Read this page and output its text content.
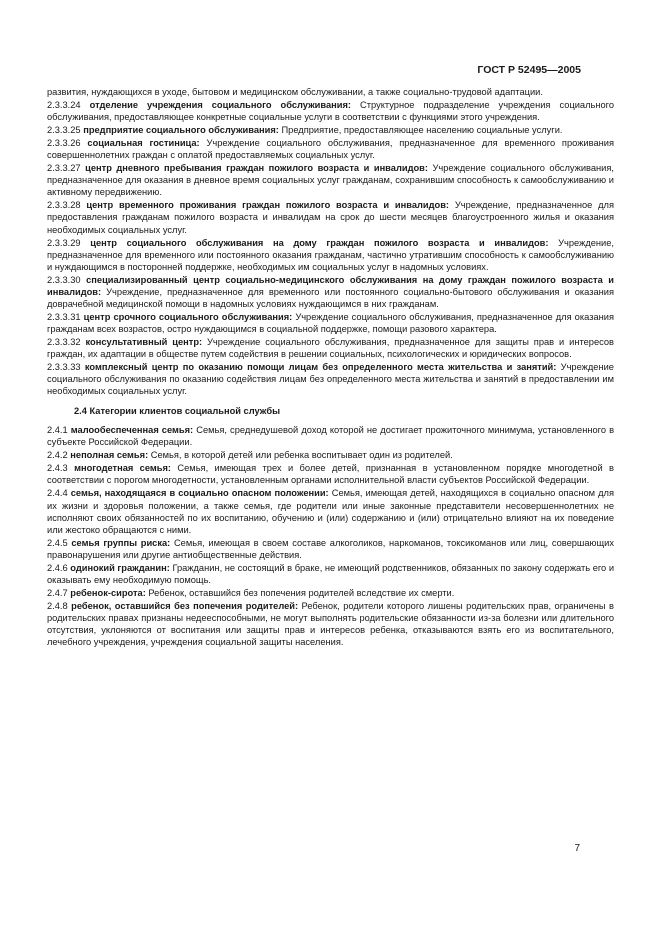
ГОСТ Р 52495—2005

развития, нуждающихся в уходе, бытовом и медицинском обслуживании, а также социально-трудовой адаптации.

2.3.3.24 отделение учреждения социального обслуживания: Структурное подразделение учреждения социального обслуживания, предоставляющее конкретные социальные услуги в соответствии с функциями этого учреждения.

2.3.3.25 предприятие социального обслуживания: Предприятие, предоставляющее населению социальные услуги.

2.3.3.26 социальная гостиница: Учреждение социального обслуживания, предназначенное для временного проживания совершеннолетних граждан с оплатой предоставляемых социальных услуг.

2.3.3.27 центр дневного пребывания граждан пожилого возраста и инвалидов: Учреждение социального обслуживания, предназначенное для оказания в дневное время социальных услуг гражданам, сохранившим способность к самообслуживанию и активному передвижению.

2.3.3.28 центр временного проживания граждан пожилого возраста и инвалидов: Учреждение, предназначенное для предоставления гражданам пожилого возраста и инвалидам на срок до шести месяцев благоустроенного жилья и оказания необходимых социальных услуг.

2.3.3.29 центр социального обслуживания на дому граждан пожилого возраста и инвалидов: Учреждение, предназначенное для временного или постоянного оказания гражданам, частично утратившим способность к самообслуживанию и нуждающимся в посторонней поддержке, необходимых им социальных услуг в надомных условиях.

2.3.3.30 специализированный центр социально-медицинского обслуживания на дому граждан пожилого возраста и инвалидов: Учреждение, предназначенное для временного или постоянного социально-бытового обслуживания и оказания доврачебной медицинской помощи в надомных условиях нуждающимся в них гражданам.

2.3.3.31 центр срочного социального обслуживания: Учреждение социального обслуживания, предназначенное для оказания гражданам всех возрастов, остро нуждающимся в социальной поддержке, помощи разового характера.

2.3.3.32 консультативный центр: Учреждение социального обслуживания, предназначенное для защиты прав и интересов граждан, их адаптации в обществе путем содействия в решении социальных, психологических и юридических вопросов.

2.3.3.33 комплексный центр по оказанию помощи лицам без определенного места жительства и занятий: Учреждение социального обслуживания по оказанию содействия лицам без определенного места жительства и занятий в предоставлении им необходимых социальных услуг.

2.4 Категории клиентов социальной службы

2.4.1 малообеспеченная семья: Семья, среднедушевой доход которой не достигает прожиточного минимума, установленного в субъекте Российской Федерации.

2.4.2 неполная семья: Семья, в которой детей или ребенка воспитывает один из родителей.

2.4.3 многодетная семья: Семья, имеющая трех и более детей, признанная в установленном порядке многодетной в соответствии с порогом многодетности, установленным органами исполнительной власти субъектов Российской Федерации.

2.4.4 семья, находящаяся в социально опасном положении: Семья, имеющая детей, находящихся в социально опасном для их жизни и здоровья положении, а также семья, где родители или иные законные представители несовершеннолетних не исполняют своих обязанностей по их воспитанию, обучению и (или) содержанию и (или) отрицательно влияют на их поведение или жестоко обращаются с ними.

2.4.5 семья группы риска: Семья, имеющая в своем составе алкоголиков, наркоманов, токсикоманов или лиц, совершающих правонарушения или другие антиобщественные действия.

2.4.6 одинокий гражданин: Гражданин, не состоящий в браке, не имеющий родственников, обязанных по закону содержать его и оказывать ему необходимую помощь.

2.4.7 ребенок-сирота: Ребенок, оставшийся без попечения родителей вследствие их смерти.

2.4.8 ребенок, оставшийся без попечения родителей: Ребенок, родители которого лишены родительских прав, ограничены в родительских правах признаны недееспособными, не могут выполнять родительские обязанности из-за болезни или длительного отсутствия, уклоняются от воспитания или защиты прав и интересов ребенка, отказываются взять его из воспитательного, лечебного учреждения, учреждения социальной защиты населения.

7
